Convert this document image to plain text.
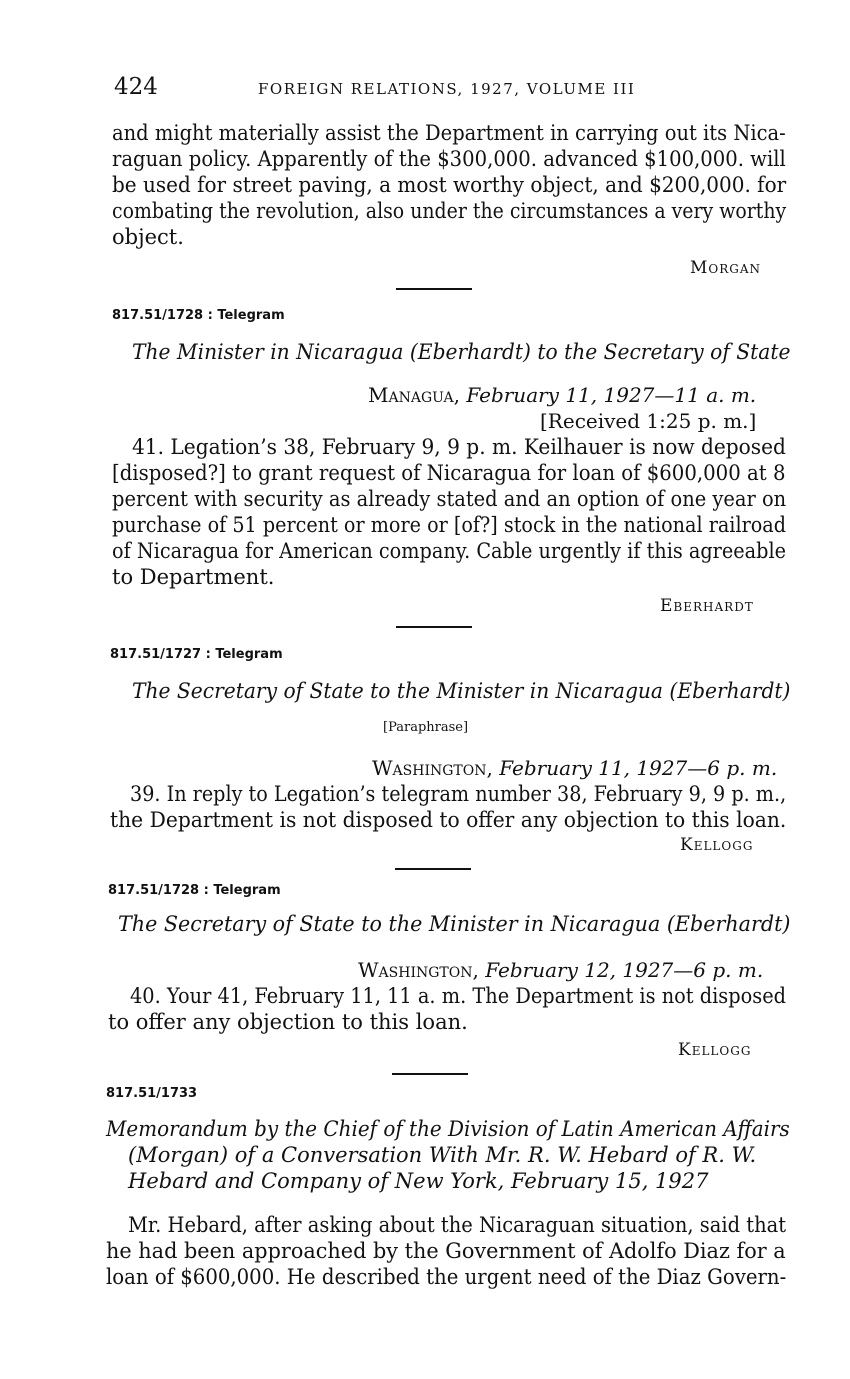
424	FOREIGN RELATIONS, 1927, VOLUME III
and might materially assist the Department in carrying out its Nica-
raguan policy. Apparently of the $300,000. advanced $100,000. will
be used for street paving, a most worthy object, and $200,000. for
combating the revolution, also under the circumstances a very worthy
object.
Morgan
817.51/1728 : Telegram
The Minister in Nicaragua (Eberhardt) to the Secretary of State
Managua, February 11, 1927—11 a. m.
[Received 1:25 p. m.]
41. Legation’s 38, February 9, 9 p. m. Keilhauer is now deposed
[disposed?] to grant request of Nicaragua for loan of $600,000 at 8
percent with security as already stated and an option of one year on
purchase of 51 percent or more or [of?] stock in the national railroad
of Nicaragua for American company. Cable urgently if this agreeable
to Department.
Eberhardt
817.51/1727 : Telegram
The Secretary of State to the Minister in Nicaragua (Eberhardt)
[Paraphrase]
Washington, February 11, 1927—6 p. m.
39. In reply to Legation’s telegram number 38, February 9, 9 p. m.,
the Department is not disposed to offer any objection to this loan.
Kellogg
817.51/1728 : Telegram
The Secretary of State to the Minister in Nicaragua (Eberhardt)
Washington, February 12, 1927—6 p. m.
40. Your 41, February 11, 11 a. m. The Department is not disposed
to offer any objection to this loan.
Kellogg
817.51/1733
Memorandum by the Chief of the Division of Latin American Affairs
(Morgan) of a Conversation With Mr. R. W. Hebard of R. W.
Hebard and Company of New York, February 15, 1927
Mr. Hebard, after asking about the Nicaraguan situation, said that
he had been approached by the Government of Adolfo Diaz for a
loan of $600,000. He described the urgent need of the Diaz Govern-
